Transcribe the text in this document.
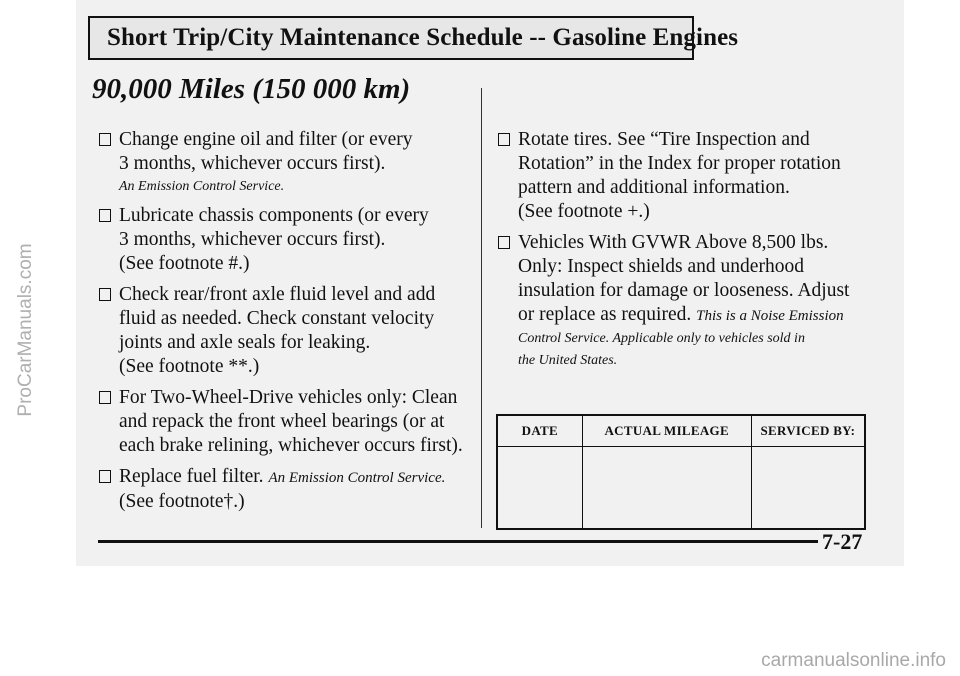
Short Trip/City Maintenance Schedule -- Gasoline Engines
90,000 Miles (150 000 km)
Change engine oil and filter (or every
3 months, whichever occurs first).
An Emission Control Service.
Lubricate chassis components (or every
3 months, whichever occurs first).
(See footnote #.)
Check rear/front axle fluid level and add
fluid as needed. Check constant velocity
joints and axle seals for leaking.
(See footnote **.)
For Two-Wheel-Drive vehicles only: Clean
and repack the front wheel bearings (or at
each brake relining, whichever occurs first).
Replace fuel filter. An Emission Control Service.
(See footnote†.)
Rotate tires. See “Tire Inspection and
Rotation” in the Index for proper rotation
pattern and additional information.
(See footnote +.)
Vehicles With GVWR Above 8,500 lbs.
Only: Inspect shields and underhood
insulation for damage or looseness. Adjust
or replace as required. This is a Noise Emission
Control Service. Applicable only to vehicles sold in
the United States.
DATE	ACTUAL MILEAGE	SERVICED BY:

7-27
ProCarManuals.com
carmanualsonline.info
